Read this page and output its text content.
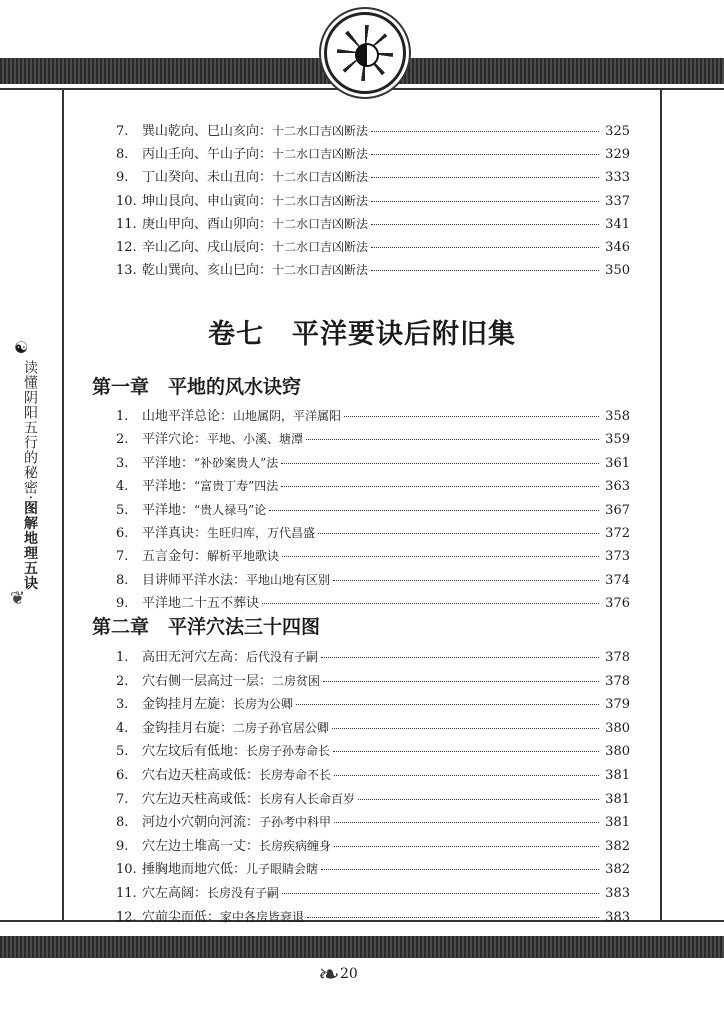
☯
读懂阴阳五行的秘密·图解地理五诀
❦
卷七　平洋要诀后附旧集
第一章　平地的风水诀窍
第二章　平洋穴法三十四图
7.	巽山乾向、巳山亥向： 十二水口吉凶断法	325
8.	丙山壬向、午山子向： 十二水口吉凶断法	329
9.	丁山癸向、未山丑向： 十二水口吉凶断法	333
10. 坤山艮向、申山寅向： 十二水口吉凶断法	337
11. 庚山甲向、酉山卯向： 十二水口吉凶断法	341
12. 辛山乙向、戌山辰向： 十二水口吉凶断法	346
13. 乾山巽向、亥山巳向： 十二水口吉凶断法	350
1.	山地平洋总论： 山地属阴，平洋属阳	358
2.	平洋穴论： 平地、小溪、塘潭	359
3.	平洋地： “补砂案贵人”法	361
4.	平洋地： “富贵丁寿”四法	363
5.	平洋地： “贵人禄马”论	367
6.	平洋真诀： 生旺归库，万代昌盛	372
7.	五言金句： 解析平地歌诀	373
8.	目讲师平洋水法： 平地山地有区别	374
9.	平洋地二十五不葬诀	376
1.	高田无河穴左高： 后代没有子嗣	378
2.	穴右侧一层高过一层： 二房贫困	378
3.	金钩挂月左旋： 长房为公卿	379
4.	金钩挂月右旋： 二房子孙官居公卿	380
5.	穴左坟后有低地： 长房子孙寿命长	380
6.	穴右边天柱高或低： 长房寿命不长	381
7.	穴左边天柱高或低： 长房有人长命百岁	381
8.	河边小穴朝向河流： 子孙考中科甲	381
9.	穴左边土堆高一丈： 长房疾病缠身	382
10. 捶胸地而地穴低： 儿子眼睛会瞎	382
11. 穴左高阔： 长房没有子嗣	383
12. 穴前尖而低： 家中各房皆衰退	383
❧ 20
